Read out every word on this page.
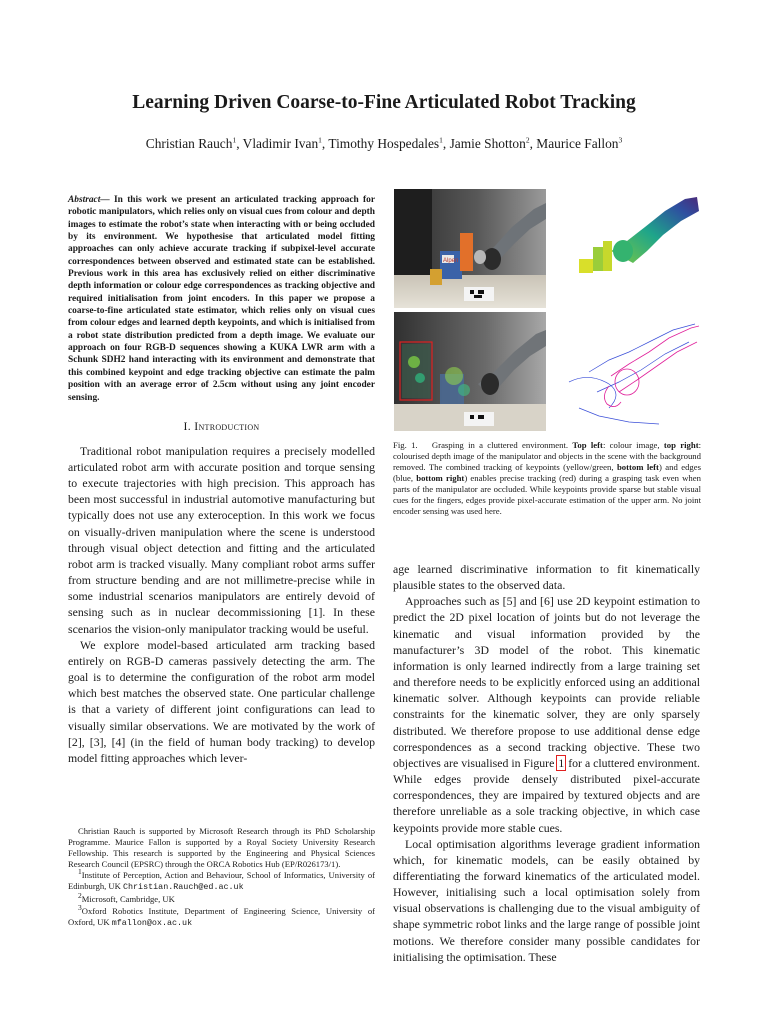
Learning Driven Coarse-to-Fine Articulated Robot Tracking
Christian Rauch$^1$, Vladimir Ivan$^1$, Timothy Hospedales$^1$, Jamie Shotton$^2$, Maurice Fallon$^3$

Abstract— In this work we present an articulated tracking approach for robotic manipulators, which relies only on visual cues from colour and depth images to estimate the robot’s state when interacting with or being occluded by its environment. We hypothesise that articulated model fitting approaches can only achieve accurate tracking if subpixel-level accurate correspondences between observed and estimated state can be established. Previous work in this area has exclusively relied on either discriminative depth information or colour edge correspondences as tracking objective and required initialisation from joint encoders. In this paper we propose a coarse-to-fine articulated state estimator, which relies only on visual cues from colour edges and learned depth keypoints, and which is initialised from a robot state distribution predicted from a depth image. We evaluate our approach on four RGB-D sequences showing a KUKA LWR arm with a Schunk SDH2 hand interacting with its environment and demonstrate that this combined keypoint and edge tracking objective can estimate the palm position with an average error of 2.5cm without using any joint encoder sensing.

I. Introduction

Traditional robot manipulation requires a precisely modelled articulated robot arm with accurate position and torque sensing to execute trajectories with high precision. This approach has been most successful in industrial automotive manufacturing but typically does not use any exteroception. In this work we focus on visually-driven manipulation where the scene is understood through visual object detection and fitting and the articulated robot arm is tracked visually. Many compliant robot arms suffer from structure bending and are not millimetre-precise while in some industrial scenarios manipulators are entirely devoid of sensing such as in nuclear decommissioning [1]. In these scenarios the vision-only manipulator tracking would be useful.

We explore model-based articulated arm tracking based entirely on RGB-D cameras passively detecting the arm. The goal is to determine the configuration of the robot arm model which best matches the observed state. One particular challenge is that a variety of different joint configurations can lead to visually similar observations. We are motivated by the work of [2], [3], [4] (in the field of human body tracking) to develop model fitting approaches which lever-

Christian Rauch is supported by Microsoft Research through its PhD Scholarship Programme. Maurice Fallon is supported by a Royal Society University Research Fellowship. This research is supported by the Engineering and Physical Sciences Research Council (EPSRC) through the ORCA Robotics Hub (EP/R026173/1).

$^1$Institute of Perception, Action and Behaviour, School of Informatics, University of Edinburgh, UK Christian.Rauch@ed.ac.uk

$^2$Microsoft, Cambridge, UK

$^3$Oxford Robotics Institute, Department of Engineering Science, University of Oxford, UK mfallon@ox.ac.uk

Alpen
Fig. 1. Grasping in a cluttered environment. Top left: colour image, top right: colourised depth image of the manipulator and objects in the scene with the background removed. The combined tracking of keypoints (yellow/green, bottom left) and edges (blue, bottom right) enables precise tracking (red) during a grasping task even when parts of the manipulator are occluded. While keypoints provide sparse but stable visual cues for the fingers, edges provide pixel-accurate estimation of the upper arm. No joint encoder sensing was used here.

age learned discriminative information to fit kinematically plausible states to the observed data.

Approaches such as [5] and [6] use 2D keypoint estimation to predict the 2D pixel location of joints but do not leverage the kinematic and visual information provided by the manufacturer’s 3D model of the robot. This kinematic information is only learned indirectly from a large training set and therefore needs to be explicitly enforced using an additional kinematic solver. Although keypoints can provide reliable constraints for the kinematic solver, they are only sparsely distributed. We therefore propose to use additional dense edge correspondences as a second tracking objective. These two objectives are visualised in Figure 1 for a cluttered environment. While edges provide densely distributed pixel-accurate correspondences, they are impaired by textured objects and are therefore unreliable as a sole tracking objective, in which case keypoints provide more stable cues.

Local optimisation algorithms leverage gradient information which, for kinematic models, can be easily obtained by differentiating the forward kinematics of the articulated model. However, initialising such a local optimisation solely from visual observations is challenging due to the visual ambiguity of shape symmetric robot links and the large range of possible joint motions. We therefore consider many possible candidates for initialising the optimisation. These
